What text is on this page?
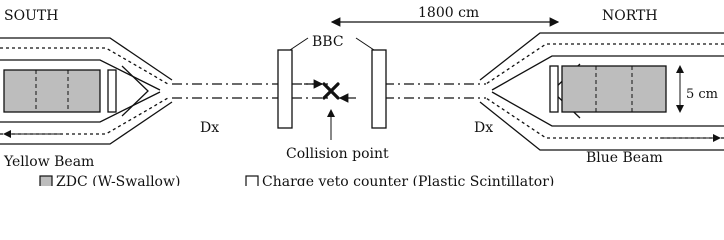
SOUTH	NORTH
1800 cm
5 cm
BBC
Collision point
Dx	Dx
Yellow Beam	Blue Beam
ZDC (W-Swallow)	Charge veto counter (Plastic Scintillator)
